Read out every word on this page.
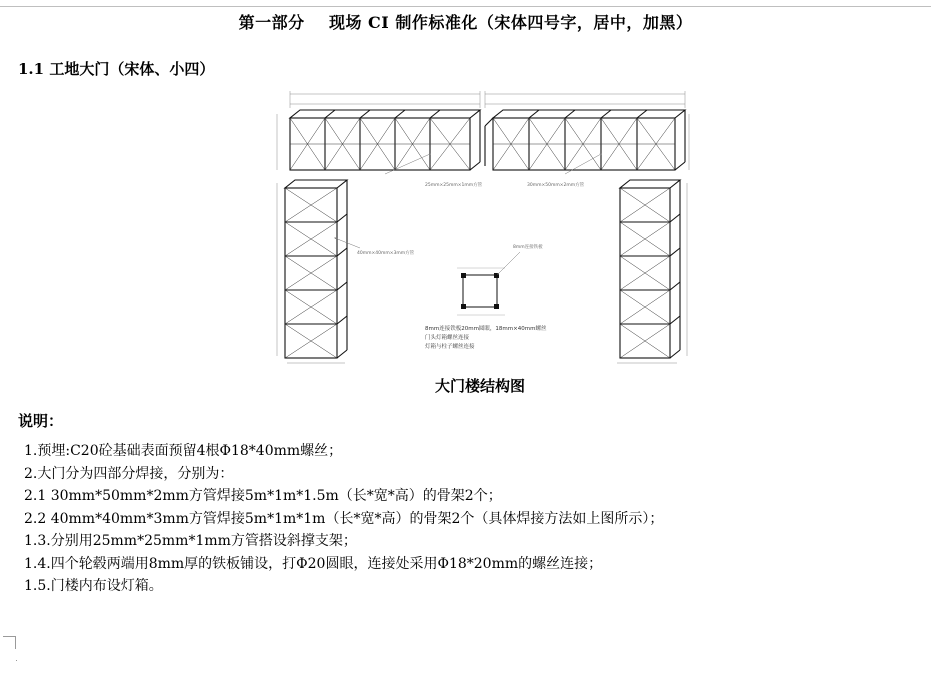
第一部分    现场 CI 制作标准化（宋体四号字，居中，加黑）
1.1 工地大门（宋体、小四）
25mm×25mm×1mm方管	30mm×50mm×2mm方管
40mm×40mm×3mm方管
8mm连接铁板
8mm连接铁板20mm圆眼，18mm×40mm螺丝
门头灯箱螺丝连接
灯箱与柱子螺丝连接
大门楼结构图
说明：
1.预埋:C20砼基础表面预留4根Φ18*40mm螺丝；
2.大门分为四部分焊接，分别为：
2.1 30mm*50mm*2mm方管焊接5m*1m*1.5m（长*宽*高）的骨架2个；
2.2 40mm*40mm*3mm方管焊接5m*1m*1m（长*宽*高）的骨架2个（具体焊接方法如上图所示）；
1.3.分别用25mm*25mm*1mm方管搭设斜撑支架；
1.4.四个轮毂两端用8mm厚的铁板铺设，打Φ20圆眼，连接处采用Φ18*20mm的螺丝连接；
1.5.门楼内布设灯箱。
